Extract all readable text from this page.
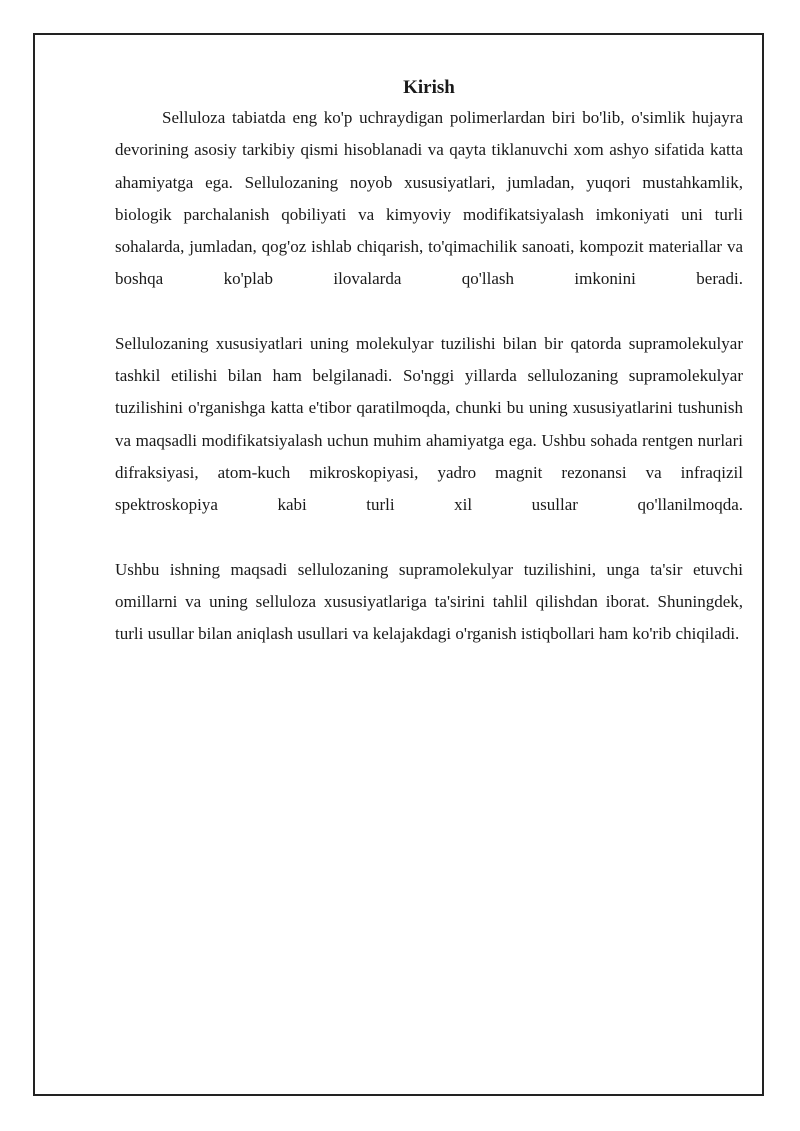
Kirish

Selluloza tabiatda eng ko'p uchraydigan polimerlardan biri bo'lib, o'simlik hujayra devorining asosiy tarkibiy qismi hisoblanadi va qayta tiklanuvchi xom ashyo sifatida katta ahamiyatga ega. Sellulozaning noyob xususiyatlari, jumladan, yuqori mustahkamlik, biologik parchalanish qobiliyati va kimyoviy modifikatsiyalash imkoniyati uni turli sohalarda, jumladan, qog'oz ishlab chiqarish, to'qimachilik sanoati, kompozit materiallar va boshqa ko'plab ilovalarda qo'llash imkonini beradi.

Sellulozaning xususiyatlari uning molekulyar tuzilishi bilan bir qatorda supramolekulyar tashkil etilishi bilan ham belgilanadi. So'nggi yillarda sellulozaning supramolekulyar tuzilishini o'rganishga katta e'tibor qaratilmoqda, chunki bu uning xususiyatlarini tushunish va maqsadli modifikatsiyalash uchun muhim ahamiyatga ega. Ushbu sohada rentgen nurlari difraksiyasi, atom-kuch mikroskopiyasi, yadro magnit rezonansi va infraqizil spektroskopiya kabi turli xil usullar qo'llanilmoqda.

Ushbu ishning maqsadi sellulozaning supramolekulyar tuzilishini, unga ta'sir etuvchi omillarni va uning selluloza xususiyatlariga ta'sirini tahlil qilishdan iborat. Shuningdek, turli usullar bilan aniqlash usullari va kelajakdagi o'rganish istiqbollari ham ko'rib chiqiladi.
